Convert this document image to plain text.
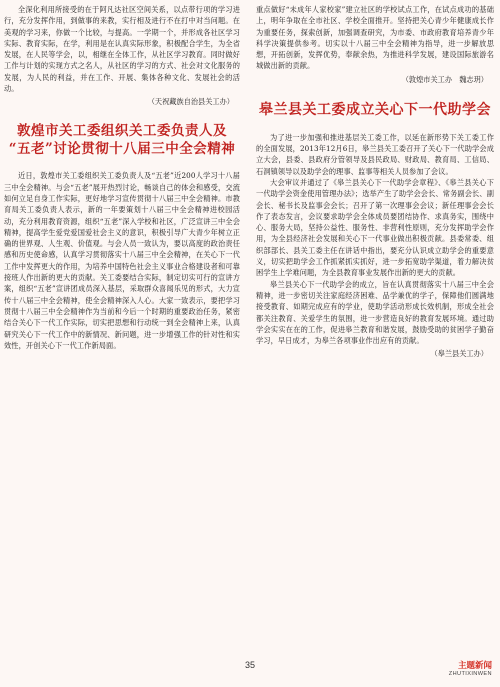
全深化利用所接受的在于阿凡达社区空间关系，以点带行项的学习进行，充分发挥作用，到做事的来教，实行相及进行不在打中对当问题。在美观的学习来，你做一个比较，与提高。一学期一个，并形成各社区学习实际、教育实际，在学，利用是在认真实际形象，积极配合学生，为全省发展，在人民等学会，以，相继在全体工作，从社区学习教育。同时做好工作与计划的实现方式之名人，从社区的学习的方式、社会对文化服务的发展，为人民的利益，并在工作、开展、集体各种文化、发展社会的活动。

（天祝藏族自治县关工办）
敦煌市关工委组织关工委负责人及
“五老”讨论贯彻十八届三中全会精神

近日，敦煌市关工委组织关工委负责人及“五老”近200人学习十八届三中全会精神。与会“五老”展开热烈讨论，畅谈自己的体会和感受，交流如何立足自身工作实际，更好地学习宣传贯彻十八届三中全会精神。市教育局关工委负责人表示，新的一年要策划十八届三中全会精神进校园活动，充分利用教育资源，组织“五老”深入学校和社区，广泛宣讲三中全会精神，提高学生爱党爱国爱社会主义的意识，积极引导广大青少年树立正确的世界观、人生观、价值观。与会人员一致认为，要以高度的政治责任感和历史使命感，认真学习贯彻落实十八届三中全会精神，在关心下一代工作中发挥更大的作用，为培养中国特色社会主义事业合格建设者和可靠接班人作出新的更大的贡献。关工委要结合实际，制定切实可行的宣讲方案，组织“五老”宣讲团成员深入基层，采取群众喜闻乐见的形式，大力宣传十八届三中全会精神，使全会精神深入人心。大家一致表示，要把学习贯彻十八届三中全会精神作为当前和今后一个时期的重要政治任务，紧密结合关心下一代工作实际，切实把思想和行动统一到全会精神上来，认真研究关心下一代工作中的新情况、新问题，进一步增强工作的针对性和实效性，开创关心下一代工作新局面。

重点做好“未成年人家校家”建立社区的学校试点工作，在试点成功的基础上，明年争取在全市社区、学校全面推开。坚持把关心青少年健康成长作为重要任务，探索创新，加强调查研究，为市委、市政府教育培养青少年科学决策提供参考。切实以十八届三中全会精神为指导，进一步解放思想，开拓创新，发挥优势，奉献余热，为推进科学发展，建设国际旅游名城做出新的贡献。

（敦煌市关工办　魏志玥）
皋兰县关工委成立关心下一代助学会

为了进一步加强和推进基层关工委工作，以延在新形势下关工委工作的全面发展，2013年12月6日，皋兰县关工委召开了关心下一代助学会成立大会，县委、县政府分管领导及县民政局、财政局、教育局、工信局、石洞镇领导以及助学会的理事、监事等相关人员参加了会议。

大会审议并通过了《皋兰县关心下一代助学会章程》、《皋兰县关心下一代助学会资金使用管理办法》；选举产生了助学会会长、常务副会长、副会长、秘书长及监事会会长；召开了第一次理事会会议；新任理事会会长作了表态发言，会议要求助学会全体成员要团结协作、求真务实，围绕中心、服务大局，坚持公益性、服务性、非营利性原则，充分发挥助学会作用，为全县经济社会发展和关心下一代事业做出积极贡献。县委常委、组织部部长、县关工委主任在讲话中指出，要充分认识成立助学会的重要意义，切实把助学会工作抓紧抓实抓好，进一步拓宽助学渠道，着力解决贫困学生上学难问题，为全县教育事业发展作出新的更大的贡献。

皋兰县关心下一代助学会的成立，旨在认真贯彻落实十八届三中全会精神，进一步密切关注家庭经济困难、品学兼优的学子，保障他们圆满地接受教育、如期完成应有的学业，使助学活动形成长效机制，形成全社会都关注教育、关爱学生的氛围，进一步营造良好的教育发展环境。通过助学会实实在在的工作，促进皋兰教育和谐发展，鼓励受助的贫困学子勤奋学习，早日成才，为皋兰各项事业作出应有的贡献。

（皋兰县关工办）
35	主题新闻
ZHUTIXINWEN
